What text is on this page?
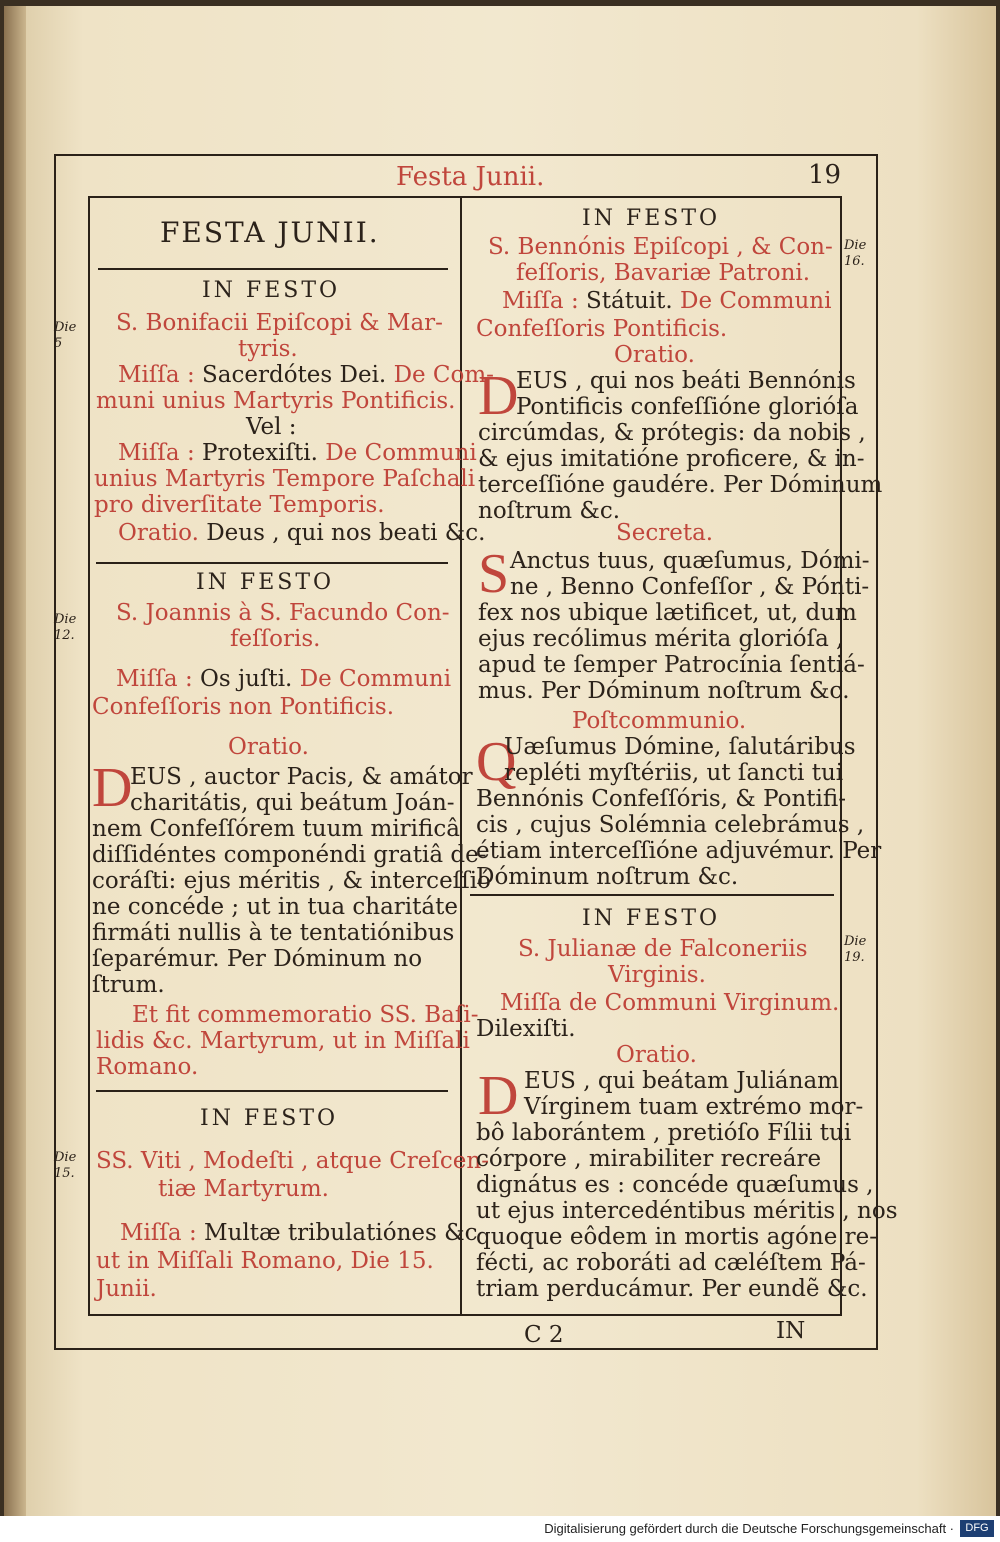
Festa Junii.	19
FESTA JUNII.
IN FESTO
S. Bonifacii Epiſcopi & Mar-
tyris.
Miſſa : Sacerdótes Dei. De Com-
muni unius Martyris Pontificis.
Vel :
Miſſa : Protexiſti. De Communi
unius Martyris Tempore Paſchali
pro diverſitate Temporis.
Oratio. Deus , qui nos beati &c.
IN FESTO
S. Joannis à S. Facundo Con-
feſſoris.
Miſſa : Os juſti. De Communi
Confeſſoris non Pontificis.
Oratio.
D
EUS , auctor Pacis, & amátor
charitátis, qui beátum Joán-
nem Confeſſórem tuum mirificâ
diſſidéntes componéndi gratiâ de-
coráſti: ejus méritis , & interceſſió
ne concéde ; ut in tua charitáte
firmáti nullis à te tentatiónibus
ſeparémur. Per Dóminum no
ſtrum.
Et fit commemoratio SS. Baſi-
lidis &c. Martyrum, ut in Miſſali
Romano.
IN FESTO
SS. Viti , Modeſti , atque Creſcen-
tiæ Martyrum.
Miſſa : Multæ tribulatiónes &c
ut in Miſſali Romano, Die 15.
Junii.
IN FESTO
S. Bennónis Epiſcopi , & Con-
feſſoris, Bavariæ Patroni.
Miſſa : Státuit. De Communi
Confeſſoris Pontificis.
Oratio.
D
EUS , qui nos beáti Bennónis
Pontificis confeſſióne glorióſa
circúmdas, & prótegis: da nobis ,
& ejus imitatióne proficere, & in-
terceſſióne gaudére. Per Dóminum
noſtrum &c.
Secreta.
S Anctus tuus, quæſumus, Dómi-
ne , Benno Confeſſor , & Pónti-
fex nos ubique lætificet, ut, dum
ejus recólimus mérita glorióſa ,
apud te ſemper Patrocínia ſentiá-
mus. Per Dóminum noſtrum &c.
Poſtcommunio.
Q
Uæſumus Dómine, ſalutáribus
repléti myſtériis, ut ſancti tui
Bennónis Confeſſóris, & Pontifi-
cis , cujus Solémnia celebrámus ,
étiam interceſſióne adjuvémur. Per
Dóminum noſtrum &c.
IN FESTO
S. Julianæ de Falconeriis
Virginis.
Miſſa de Communi Virginum.
Dilexiſti.
Oratio.
D EUS , qui beátam Juliánam
Vírginem tuam extrémo mor-
bô laborántem , pretióſo Fílii tui
córpore , mirabiliter recreáre
dignátus es : concéde quæſumus ,
ut ejus intercedéntibus méritis , nos
quoque eôdem in mortis agóne re-
fécti, ac roboráti ad cæléſtem Pá-
triam perducámur. Per eundẽ &c.
Die
5
Die
12.
Die
15.
Die
16.
Die
19.
C 2	IN
Digitalisierung gefördert durch die Deutsche Forschungsgemeinschaft ·	DFG
